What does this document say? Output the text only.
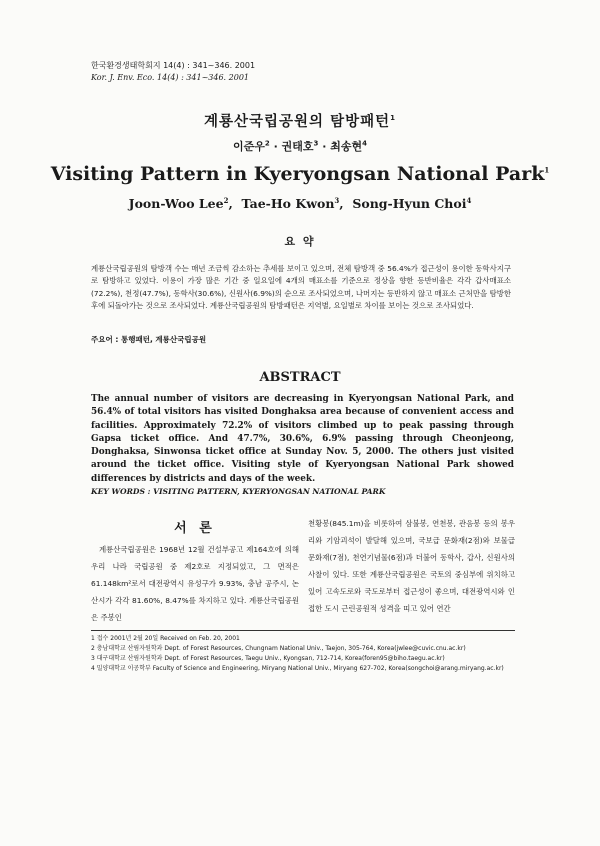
한국환경생태학회지 14(4) : 341~346. 2001
Kor. J. Env. Eco. 14(4) : 341~346. 2001
계룡산국립공원의 탐방패턴$^1$
이준우$^2$ · 권태호$^3$ · 최송현$^4$
Visiting Pattern in Kyeryongsan National Park$^1$
Joon-Woo Lee$^2$,  Tae-Ho Kwon$^3$,  Song-Hyun Choi$^4$
요 약
계룡산국립공원의 탐방객 수는 매년 조금씩 감소하는 추세를 보이고 있으며, 전체 탐방객 중 56.4%가 접근성이 용이한 동학사지구로 탐방하고 있었다. 이용이 가장 많은 기간 중 일요일에 4개의 매표소를 기준으로 정상을 향한 등반비율은 각각 갑사매표소(72.2%), 천정(47.7%), 동학사(30.6%), 신원사(6.9%)의 순으로 조사되었으며, 나머지는 등반하지 않고 매표소 근처만을 탐방한 후에 되돌아가는 것으로 조사되었다. 계룡산국립공원의 탐방패턴은 지역별, 요일별로 차이를 보이는 것으로 조사되었다.
주요어 : 통행패턴, 계룡산국립공원
ABSTRACT
The annual number of visitors are decreasing in Kyeryongsan National Park, and 56.4% of total visitors has visited Donghaksa area because of convenient access and facilities. Approximately 72.2% of visitors climbed up to peak passing through Gapsa ticket office. And 47.7%, 30.6%, 6.9% passing through Cheonjeong, Donghaksa, Sinwonsa ticket office at Sunday Nov. 5, 2000. The others just visited around the ticket office. Visiting style of Kyeryongsan National Park showed differences by districts and days of the week.
KEY WORDS : VISITING PATTERN, KYERYONGSAN NATIONAL PARK
서 론
계룡산국립공원은 1968년 12월 건설부공고 제164호에 의해 우리 나라 국립공원 중 제2호로 지정되었고, 그 면적은 61.148km²로서 대전광역시 유성구가 9.93%, 충남 공주시, 논산시가 각각 81.60%, 8.47%를 차지하고 있다. 계룡산국립공원은 주봉인
천황봉(845.1m)을 비롯하여 삼불봉, 연천봉, 관음봉 등의 봉우리와 기암괴석이 발달해 있으며, 국보급 문화재(2점)와 보물급 문화재(7점), 천연기념물(6점)과 더불어 동학사, 갑사, 신원사의 사찰이 있다. 또한 계룡산국립공원은 국토의 중심부에 위치하고 있어 고속도로와 국도로부터 접근성이 좋으며, 대전광역시와 인접한 도시 근린공원적 성격을 띠고 있어 연간
1 접수 2001년 2월 20일 Received on Feb. 20, 2001
2 충남대학교 산림자원학과 Dept. of Forest Resources, Chungnam National Univ., Taejon, 305-764, Korea(jwlee@cuvic.cnu.ac.kr)
3 대구대학교 산림자원학과 Dept. of Forest Resources, Taegu Univ., Kyongsan, 712-714, Korea(foren95@biho.taegu.ac.kr)
4 밀양대학교 이공학부 Faculty of Science and Engineering, Miryang National Univ., Miryang 627-702, Korea(songchoi@arang.miryang.ac.kr)
